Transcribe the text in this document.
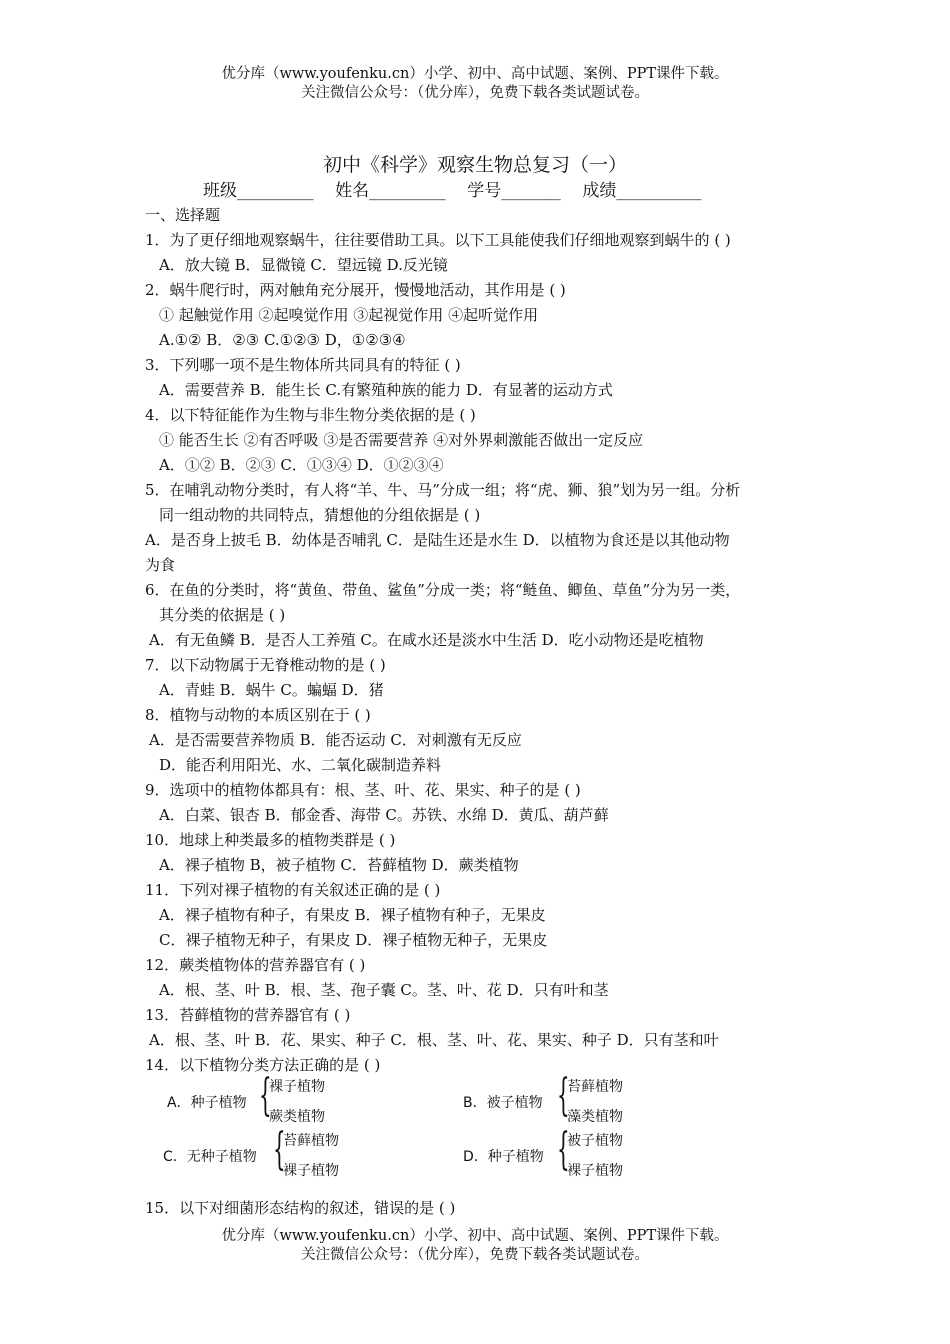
优分库（www.youfenku.cn）小学、初中、高中试题、案例、PPT课件下载。
关注微信公众号：（优分库），免费下载各类试题试卷。
初中《科学》观察生物总复习（一）
班级_________    姓名_________    学号_______    成绩__________
一、选择题
1．为了更仔细地观察蜗牛，往往要借助工具。以下工具能使我们仔细地观察到蜗牛的 ( )
A．放大镜 B．显微镜 C．望远镜 D.反光镜
2．蜗牛爬行时，两对触角充分展开，慢慢地活动，其作用是 ( )
① 起触觉作用 ②起嗅觉作用 ③起视觉作用 ④起听觉作用
A.①② B．②③ C.①②③ D，①②③④
3．下列哪一项不是生物体所共同具有的特征 ( )
A．需要营养 B．能生长 C.有繁殖种族的能力 D．有显著的运动方式
4．以下特征能作为生物与非生物分类依据的是 ( )
① 能否生长 ②有否呼吸 ③是否需要营养 ④对外界刺激能否做出一定反应
A．①② B．②③ C．①③④ D．①②③④
5．在哺乳动物分类时，有人将“羊、牛、马”分成一组；将“虎、狮、狼”划为另一组。分析
同一组动物的共同特点，猜想他的分组依据是 ( )
A．是否身上披毛 B．幼体是否哺乳 C．是陆生还是水生 D．以植物为食还是以其他动物
为食
6．在鱼的分类时，将“黄鱼、带鱼、鲨鱼”分成一类；将“鲢鱼、鲫鱼、草鱼”分为另一类，
其分类的依据是 ( )
A．有无鱼鳞 B．是否人工养殖 C。在咸水还是淡水中生活 D．吃小动物还是吃植物
7．以下动物属于无脊椎动物的是 ( )
A．青蛙 B．蜗牛 C。蝙蝠 D．猪
8．植物与动物的本质区别在于 ( )
A．是否需要营养物质 B．能否运动 C．对刺激有无反应
D．能否利用阳光、水、二氧化碳制造养料
9．选项中的植物体都具有：根、茎、叶、花、果实、种子的是 ( )
A．白菜、银杏 B．郁金香、海带 C。苏铁、水绵 D．黄瓜、葫芦藓
10．地球上种类最多的植物类群是 ( )
A．裸子植物 B，被子植物 C．苔藓植物 D．蕨类植物
11．下列对裸子植物的有关叙述正确的是 ( )
A．裸子植物有种子，有果皮 B．裸子植物有种子，无果皮
C．裸子植物无种子，有果皮 D．裸子植物无种子，无果皮
12．蕨类植物体的营养器官有 ( )
A．根、茎、叶 B．根、茎、孢子囊 C。茎、叶、花 D．只有叶和茎
13．苔藓植物的营养器官有 ( )
A．根、茎、叶 B．花、果实、种子 C．根、茎、叶、花、果实、种子 D．只有茎和叶
14．以下植物分类方法正确的是 ( )
A．种子植物 {
裸子植物
蕨类植物
B．被子植物 {
苔藓植物
藻类植物
C．无种子植物 {
苔藓植物
裸子植物
D．种子植物 {
被子植物
裸子植物
15．以下对细菌形态结构的叙述，错误的是 ( )
优分库（www.youfenku.cn）小学、初中、高中试题、案例、PPT课件下载。
关注微信公众号：（优分库），免费下载各类试题试卷。
